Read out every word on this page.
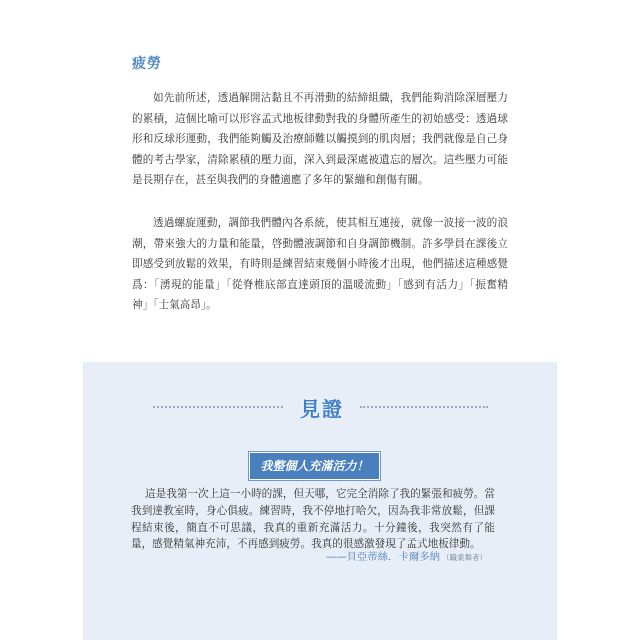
疲勞

如先前所述，透過解開沾黏且不再滑動的結締組織，我們能夠消除深層壓力的累積，這個比喻可以形容孟式地板律動對我的身體所產生的初始感受：透過球形和反球形運動，我們能夠觸及治療師難以觸摸到的肌肉層；我們就像是自己身體的考古學家，清除累積的壓力面，深入到最深處被遺忘的層次。這些壓力可能是長期存在，甚至與我們的身體適應了多年的緊繃和創傷有關。

透過螺旋運動，調節我們體內各系統，使其相互連接，就像一波接一波的浪潮，帶來強大的力量和能量，啓動體液調節和自身調節機制。許多學員在課後立即感受到放鬆的效果，有時則是練習結束幾個小時後才出現，他們描述這種感覺爲：「湧現的能量」「從脊椎底部直達頭頂的溫暖流動」「感到有活力」「振奮精神」「士氣高昂」。

見證
我整個人充滿活力！

這是我第一次上這一小時的課，但天哪，它完全消除了我的緊張和疲勞。當我到達教室時，身心俱疲。練習時，我不停地打哈欠，因為我非常放鬆，但課程結束後，簡直不可思議，我真的重新充滿活力。十分鐘後，我突然有了能量，感覺精氣神充沛，不再感到疲勞。我真的很感激發現了孟式地板律動。

——貝亞蒂絲．卡爾多納 （職業舞者）
